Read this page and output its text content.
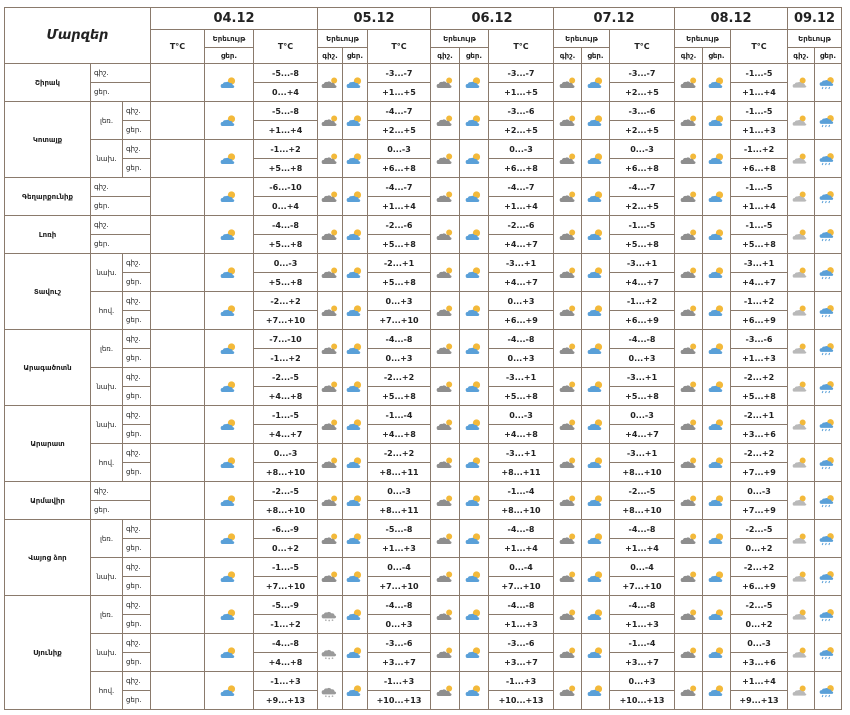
Մարզեր			04.12			05.12			06.12			07.12			08.12			09.12	
			T°C	Երեւույթ	T°C	Երեւույթ		T°C	Երեւույթ		T°C	Երեւույթ		T°C	Երեւույթ		T°C	Երեւույթ	
				ցեր.		գիշ.	ցեր.		գիշ.	ցեր.		գիշ.	ցեր.		գիշ.	ցեր.		գիշ.	ցեր.
Շիրակ	գիշ.				-5...-8			-3...-7			-3...-7			-3...-7			-1...-5	

	ցեր.				0...+4			+1...+5			+1...+5			+2...+5			+1...+4		
Կոտայք	լեռ.	գիշ.			-5...-8			-4...-7			-3...-6			-3...-6			-1...-5	

		ցեր.			+1...+4			+2...+5			+2...+5			+2...+5			+1...+3		
	նախ.	գիշ.			-1...+2			0...-3			0...-3			0...-3			-1...+2	

		ցեր.			+5...+8			+6...+8			+6...+8			+6...+8			+6...+8		
Գեղարքունիք	գիշ.				-6...-10			-4...-7			-4...-7			-4...-7			-1...-5	

	ցեր.				0...+4			+1...+4			+1...+4			+2...+5			+1...+4		
Լոռի	գիշ.				-4...-8			-2...-6			-2...-6			-1...-5			-1...-5	

	ցեր.				+5...+8			+5...+8			+4...+7			+5...+8			+5...+8		
Տավուշ	նախ.	գիշ.			0...-3			-2...+1			-3...+1			-3...+1			-3...+1	

		ցեր.			+5...+8			+5...+8			+4...+7			+4...+7			+4...+7		
	հով.	գիշ.			-2...+2			0...+3			0...+3			-1...+2			-1...+2	

		ցեր.			+7...+10			+7...+10			+6...+9			+6...+9			+6...+9		
Արագածոտն	լեռ.	գիշ.			-7...-10			-4...-8			-4...-8			-4...-8			-3...-6	

		ցեր.			-1...+2			0...+3			0...+3			0...+3			+1...+3		
	նախ.	գիշ.			-2...-5			-2...+2			-3...+1			-3...+1			-2...+2	

		ցեր.			+4...+8			+5...+8			+5...+8			+5...+8			+5...+8		
Արարատ	նախ.	գիշ.			-1...-5			-1...-4			0...-3			0...-3			-2...+1	

		ցեր.			+4...+7			+4...+8			+4...+8			+4...+7			+3...+6		
	հով.	գիշ.			0...-3			-2...+2			-3...+1			-3...+1			-2...+2	

		ցեր.			+8...+10			+8...+11			+8...+11			+8...+10			+7...+9		
Արմավիր	գիշ.				-2...-5			0...-3			-1...-4			-2...-5			0...-3	

	ցեր.				+8...+10			+8...+11			+8...+10			+8...+10			+7...+9		
Վայոց ձոր	լեռ.	գիշ.			-6...-9			-5...-8			-4...-8			-4...-8			-2...-5	

		ցեր.			0...+2			+1...+3			+1...+4			+1...+4			0...+2		
	նախ.	գիշ.			-1...-5			0...-4			0...-4			0...-4			-2...+2	

		ցեր.			+7...+10			+7...+10			+7...+10			+7...+10			+6...+9		
Սյունիք	լեռ.	գիշ.			-5...-9			-4...-8			-4...-8			-4...-8			-2...-5	

		ցեր.			-1...+2			0...+3			+1...+3			+1...+3			0...+2		
	նախ.	գիշ.			-4...-8			-3...-6			-3...-6			-1...-4			0...-3	

		ցեր.			+4...+8			+3...+7			+3...+7			+3...+7			+3...+6		
	հով.	գիշ.			-1...+3			-1...+3			-1...+3			0...+3			+1...+4	

		ցեր.			+9...+13			+10...+13			+10...+13			+10...+13			+9...+13		
